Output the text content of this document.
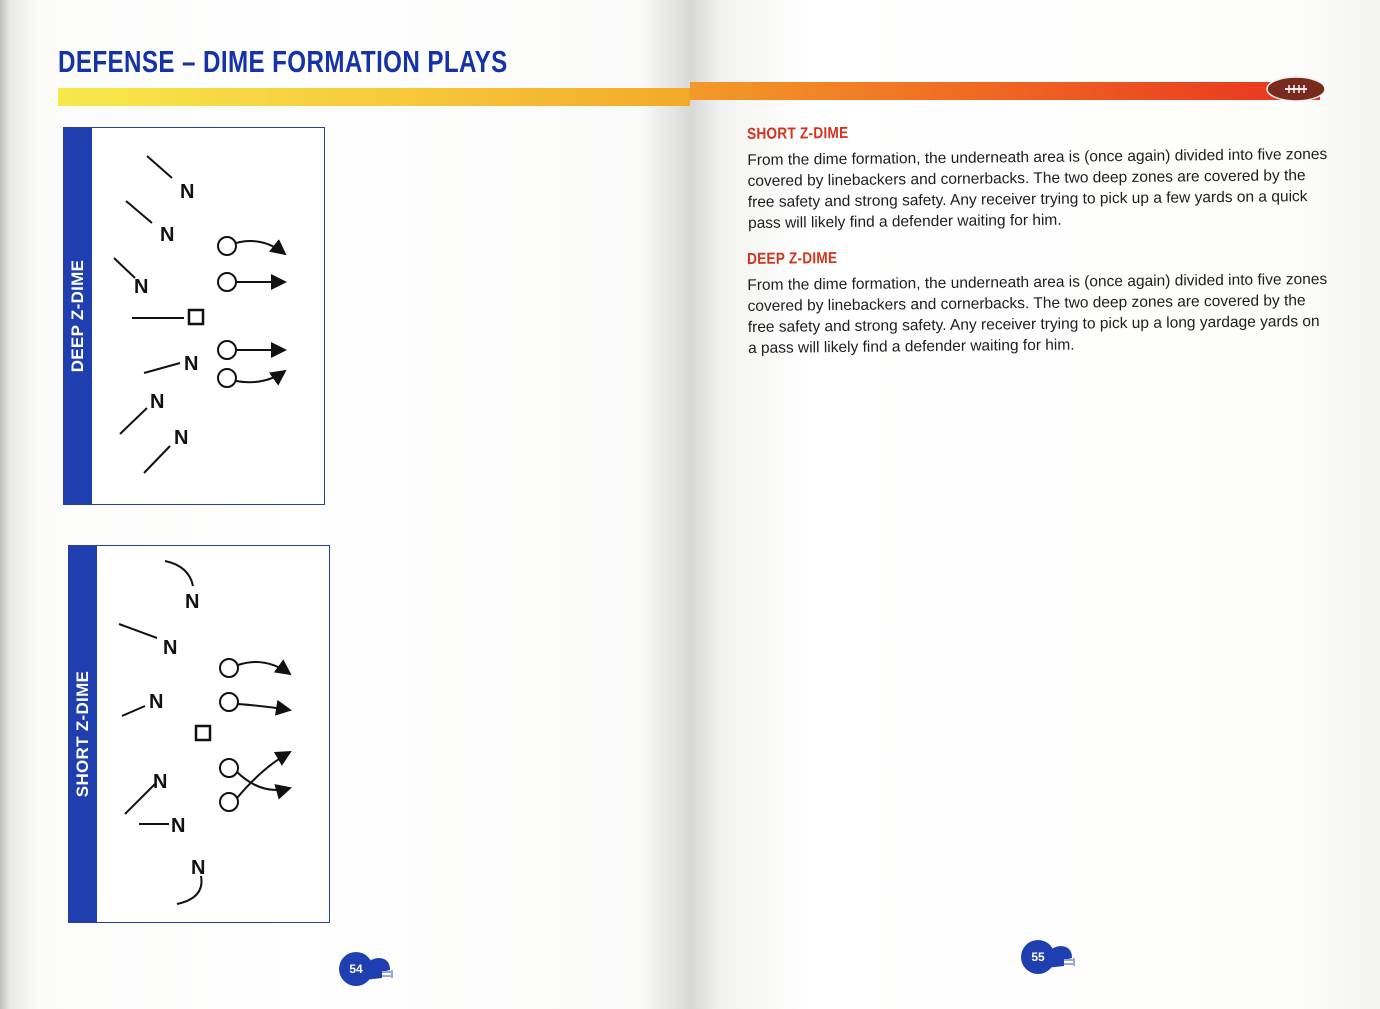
DEFENSE – DIME FORMATION PLAYS
DEEP Z-DIME
N
N
N
N
N
N
SHORT Z-DIME
N
N
N
N
N
N
54
SHORT Z-DIME

From the dime formation, the underneath area is (once again) divided into five zones covered by linebackers and cornerbacks. The two deep zones are covered by the free safety and strong safety. Any receiver trying to pick up a few yards on a quick pass will likely find a defender waiting for him.

DEEP Z-DIME

From the dime formation, the underneath area is (once again) divided into five zones covered by linebackers and cornerbacks. The two deep zones are covered by the free safety and strong safety. Any receiver trying to pick up a long yardage yards on a pass will likely find a defender waiting for him.

55
